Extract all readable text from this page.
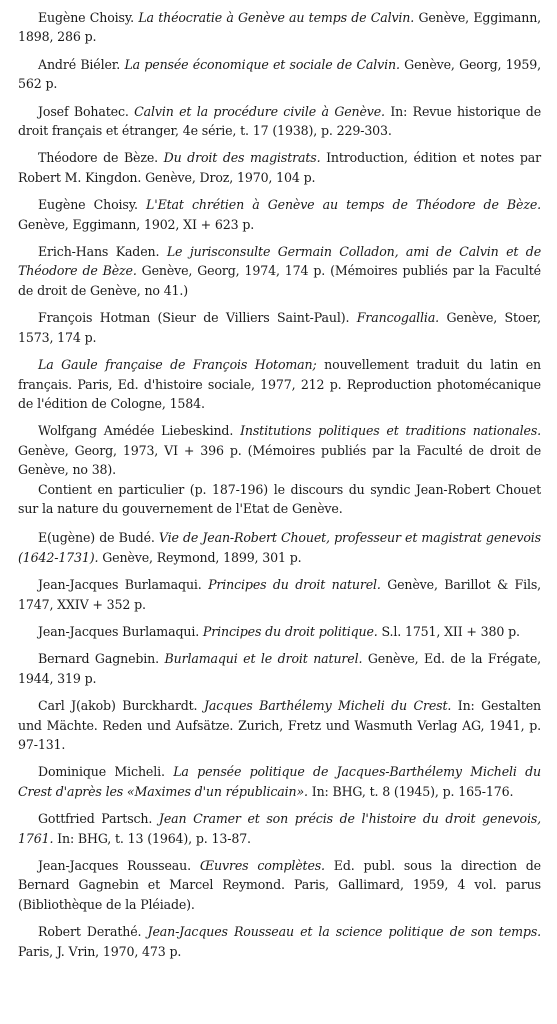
Eugène Choisy. La théocratie à Genève au temps de Calvin. Genève, Eggimann, 1898, 286 p.

André Biéler. La pensée économique et sociale de Calvin. Genève, Georg, 1959, 562 p.

Josef Bohatec. Calvin et la procédure civile à Genève. In: Revue historique de droit français et étranger, 4e série, t. 17 (1938), p. 229-303.

Théodore de Bèze. Du droit des magistrats. Introduction, édition et notes par Robert M. Kingdon. Genève, Droz, 1970, 104 p.

Eugène Choisy. L'Etat chrétien à Genève au temps de Théodore de Bèze. Genève, Eggimann, 1902, XI + 623 p.

Erich-Hans Kaden. Le jurisconsulte Germain Colladon, ami de Calvin et de Théodore de Bèze. Genève, Georg, 1974, 174 p. (Mémoires publiés par la Faculté de droit de Genève, no 41.)

François Hotman (Sieur de Villiers Saint-Paul). Francogallia. Genève, Stoer, 1573, 174 p.

La Gaule française de François Hotoman; nouvellement traduit du latin en français. Paris, Ed. d'histoire sociale, 1977, 212 p. Reproduction photomécanique de l'édition de Cologne, 1584.

Wolfgang Amédée Liebeskind. Institutions politiques et traditions nationales. Genève, Georg, 1973, VI + 396 p. (Mémoires publiés par la Faculté de droit de Genève, no 38).

Contient en particulier (p. 187-196) le discours du syndic Jean-Robert Chouet sur la nature du gouvernement de l'Etat de Genève.

E(ugène) de Budé. Vie de Jean-Robert Chouet, professeur et magistrat genevois (1642-1731). Genève, Reymond, 1899, 301 p.

Jean-Jacques Burlamaqui. Principes du droit naturel. Genève, Barillot & Fils, 1747, XXIV + 352 p.

Jean-Jacques Burlamaqui. Principes du droit politique. S.l. 1751, XII + 380 p.

Bernard Gagnebin. Burlamaqui et le droit naturel. Genève, Ed. de la Frégate, 1944, 319 p.

Carl J(akob) Burckhardt. Jacques Barthélemy Micheli du Crest. In: Gestalten und Mächte. Reden und Aufsätze. Zurich, Fretz und Wasmuth Verlag AG, 1941, p. 97-131.

Dominique Micheli. La pensée politique de Jacques-Barthélemy Micheli du Crest d'après les «Maximes d'un républicain». In: BHG, t. 8 (1945), p. 165-176.

Gottfried Partsch. Jean Cramer et son précis de l'histoire du droit genevois, 1761. In: BHG, t. 13 (1964), p. 13-87.

Jean-Jacques Rousseau. Œuvres complètes. Ed. publ. sous la direction de Bernard Gagnebin et Marcel Reymond. Paris, Gallimard, 1959, 4 vol. parus (Bibliothèque de la Pléiade).

Robert Derathé. Jean-Jacques Rousseau et la science politique de son temps. Paris, J. Vrin, 1970, 473 p.
